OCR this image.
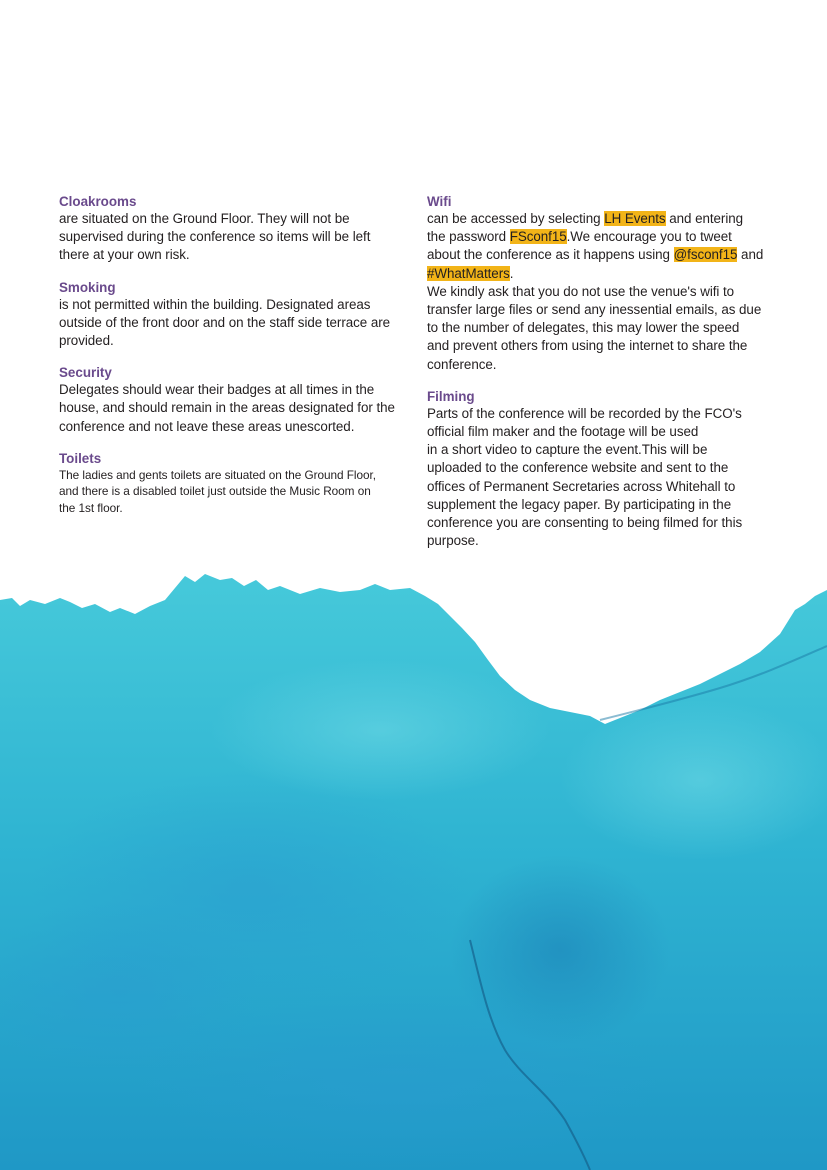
Cloakrooms
are situated on the Ground Floor. They will not be
supervised during the conference so items will be left
there at your own risk.
Smoking
is not permitted within the building. Designated areas
outside of the front door and on the staff side terrace are
provided.
Security
Delegates should wear their badges at all times in the
house, and should remain in the areas designated for the
conference and not leave these areas unescorted.
Toilets
The ladies and gents toilets are situated on the Ground Floor,
and there is a disabled toilet just outside the Music Room on
the 1st floor.
Wifi
can be accessed by selecting LH Events and entering
the password FSconf15.We encourage you to tweet
about the conference as it happens using @fsconf15 and
#WhatMatters.
We kindly ask that you do not use the venue's wifi to
transfer large files or send any inessential emails, as due
to the number of delegates, this may lower the speed
and prevent others from using the internet to share the
conference.
Filming
Parts of the conference will be recorded by the FCO's
official film maker and the footage will be used
in a short video to capture the event.This will be
uploaded to the conference website and sent to the
offices of Permanent Secretaries across Whitehall to
supplement the legacy paper. By participating in the
conference you are consenting to being filmed for this
purpose.
